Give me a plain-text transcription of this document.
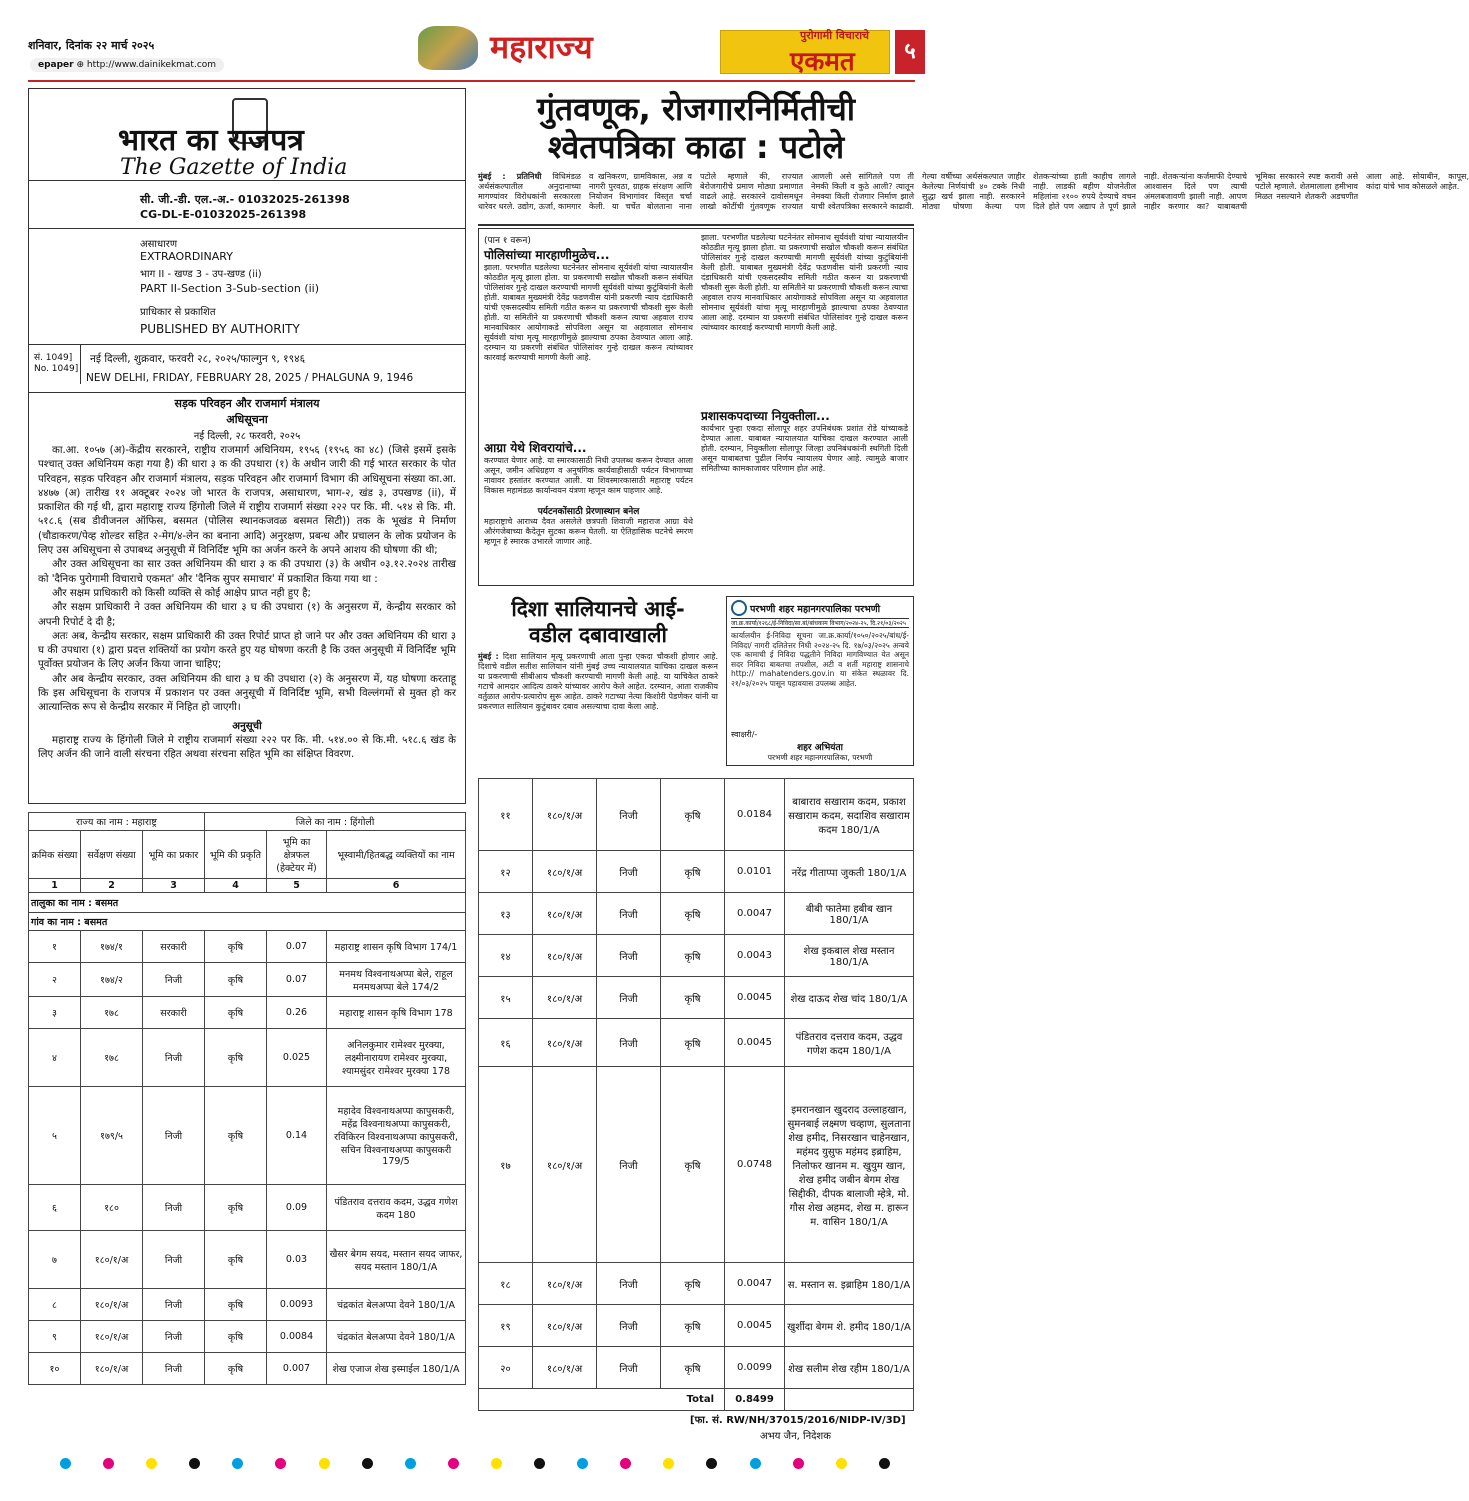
शनिवार, दिनांक २२ मार्च २०२५
epaper ⊕ http://www.dainikekmat.com	महाराज्य	पुरोगामी विचाराचे
एकमत	५
भारत का राजपत्र
The Gazette of India
सी. जी.-डी. एल.-अ.- 01032025-261398
CG-DL-E-01032025-261398
असाधारण
EXTRAORDINARY
भाग II - खण्ड 3 - उप-खण्ड (ii)
PART II-Section 3-Sub-section (ii)
प्राधिकार से प्रकाशित
PUBLISHED BY AUTHORITY
सं. 1049]
No. 1049]
नई दिल्ली, शुक्रवार, फरवरी २८, २०२५/फाल्गुन ९, १९४६
NEW DELHI, FRIDAY, FEBRUARY 28, 2025 / PHALGUNA 9, 1946
सड़क परिवहन और राजमार्ग मंत्रालय
अधिसूचना
नई दिल्ली, २८ फरवरी, २०२५

का.आ. १०५७ (अ)-केंद्रीय सरकारने, राष्ट्रीय राजमार्ग अधिनियम, १९५६ (१९५६ का ४८) (जिसे इसमें इसके पश्चात् उक्त अधिनियम कहा गया है) की धारा ३ क की उपधारा (१) के अधीन जारी की गई भारत सरकार के पोत परिवहन, सड़क परिवहन और राजमार्ग मंत्रालय, सड़क परिवहन और राजमार्ग विभाग की अधिसूचना संख्या का.आ. ४४७७ (अ) तारीख ११ अक्टूबर २०२४ जो भारत के राजपत्र, असाधारण, भाग-२, खंड ३, उपखण्ड (ii), में प्रकाशित की गई थी, द्वारा महाराष्ट्र राज्य हिंगोली जिले में राष्ट्रीय राजमार्ग संख्या २२२ पर कि. मी. ५१४ से कि. मी. ५१८.६ (सब डीवीजनल ऑफिस, बसमत (पोलिस स्थानकजवळ बसमत सिटी)) तक के भूखंड मे निर्माण (चौडाकरण/पेव्ह शोल्डर सहित २-मेग/४-लेन का बनाना आदि) अनुरक्षण, प्रबन्ध और प्रचालन के लोक प्रयोजन के लिए उस अधिसूचना से उपाबध्द अनुसूची में विनिर्दिष्ट भूमि का अर्जन करने के अपने आशय की घोषणा की थी;

और उक्त अधिसूचना का सार उक्त अधिनियम की धारा ३ क की उपधारा (३) के अधीन ०३.१२.२०२४ तारीख को 'दैनिक पुरोगामी विचाराचे एकमत' और 'दैनिक सुपर समाचार' में प्रकाशित किया गया था :

और सक्षम प्राधिकारी को किसी व्यक्ति से कोई आक्षेप प्राप्त नही हुए है;

और सक्षम प्राधिकारी ने उक्त अधिनियम की धारा ३ घ की उपधारा (१) के अनुसरण में, केन्द्रीय सरकार को अपनी रिपोर्ट दे दी है;

अतः अब, केन्द्रीय सरकार, सक्षम प्राधिकारी की उक्त रिपोर्ट प्राप्त हो जाने पर और उक्त अधिनियम की धारा ३ घ की उपधारा (१) द्वारा प्रदत्त शक्तियों का प्रयोग करते हुए यह घोषणा करती है कि उक्त अनुसूची में विनिर्दिष्ट भूमि पूर्वोक्त प्रयोजन के लिए अर्जन किया जाना चाहिए;

और अब केन्द्रीय सरकार, उक्त अधिनियम की धारा ३ घ की उपधारा (२) के अनुसरण में, यह घोषणा करताहू कि इस अधिसूचना के राजपत्र में प्रकाशन पर उक्त अनुसूची में विनिर्दिष्ट भूमि, सभी विल्लंगमों से मुक्त हो कर आत्यान्तिक रूप से केन्द्रीय सरकार में निहित हो जाएगी।

अनुसूची

महाराष्ट्र राज्य के हिंगोली जिले मे राष्ट्रीय राजमार्ग संख्या २२२ पर कि. मी. ५१४.०० से कि.मी. ५१८.६ खंड के लिए अर्जन की जाने वाली संरचना रहित अथवा संरचना सहित भूमि का संक्षिप्त विवरण.

राज्य का नाम : महाराष्ट्र			जिले का नाम : हिंगोली		
क्रमिक संख्या	सर्वेक्षण संख्या	भूमि का प्रकार	भूमि की प्रकृति	भूमि का क्षेत्रफल (हेक्टेयर में)	भूस्वामी/हितबद्ध व्यक्तियों का नाम
1	2	3	4	5	6
तालुका का नाम : बसमत					
गांव का नाम : बसमत					
१	१७४/१	सरकारी	कृषि	0.07	महाराष्ट्र शासन कृषि विभाग 174/1
२	१७४/२	निजी	कृषि	0.07	मनमथ विश्वनाथअप्पा बेले, राहूल मनमथअप्पा बेले 174/2
३	१७८	सरकारी	कृषि	0.26	महाराष्ट्र शासन कृषि विभाग 178
४	१७८	निजी	कृषि	0.025	अनिलकुमार रामेश्वर मुरक्या, लक्ष्मीनारायण रामेश्वर मुरक्या, श्यामसुंदर रामेश्वर मुरक्या 178
५	१७९/५	निजी	कृषि	0.14	महादेव विश्वनाथअप्पा कापुसकरी, महेंद्र विश्वनाथअप्पा कापुसकरी, रविकिरन विश्वनाथअप्पा कापुसकरी, सचिन विश्वनाथअप्पा कापुसकरी 179/5
६	१८०	निजी	कृषि	0.09	पंडितराव दत्तराव कदम, उद्धव गणेश कदम 180
७	१८०/१/अ	निजी	कृषि	0.03	खैसर बेगम सयद, मस्तान सयद जाफर, सयद मस्तान 180/1/A
८	१८०/१/अ	निजी	कृषि	0.0093	चंद्रकांत बेलअप्पा देवने 180/1/A
९	१८०/१/अ	निजी	कृषि	0.0084	चंद्रकांत बेलअप्पा देवने 180/1/A
१०	१८०/१/अ	निजी	कृषि	0.007	शेख एजाज शेख इस्माईल 180/1/A
गुंतवणूक, रोजगारनिर्मितीची
श्वेतपत्रिका काढा : पटोले
मुंबई : प्रतिनिधी विधिमंडळ अर्थसंकल्पातील अनुदानाच्या मागण्यांवर विरोधकांनी सरकारला धारेवर धरले. उद्योग, ऊर्जा, कामगार व खनिकरण, ग्रामविकास, अन्न व नागरी पुरवठा, ग्राहक संरक्षण आणि नियोजन विभागांवर विस्तृत चर्चा केली. या चर्चेत बोलताना नाना पटोले म्हणाले की, राज्यात बेरोजगारीचे प्रमाण मोठ्या प्रमाणात वाढले आहे. सरकारने दावोसमधून लाखो कोटींची गुंतवणूक राज्यात आणली असे सांगितले पण ती नेमकी किती व कुठे आली? त्यातून नेमक्या किती रोजगार निर्माण झाले याची श्वेतपत्रिका सरकारने काढावी. गेल्या वर्षीच्या अर्थसंकल्पात जाहीर केलेल्या निर्णयांची ४० टक्के निधी सुद्धा खर्च झाला नाही. सरकारने मोठ्या घोषणा केल्या पण शेतकऱ्यांच्या हाती काहीच लागले नाही. लाडकी बहीण योजनेतील महिलांना २१०० रुपये देण्याचे वचन दिले होते पण अद्याप ते पूर्ण झाले नाही. शेतकऱ्यांना कर्जमाफी देण्याचे आश्वासन दिले पण त्याची अंमलबजावणी झाली नाही. आपण नाहीर करणार का? याबाबतची भूमिका सरकारने स्पष्ट करावी असे पटोले म्हणाले. शेतमालाला हमीभाव मिळत नसल्याने शेतकरी अडचणीत आला आहे. सोयाबीन, कापूस, कांदा यांचे भाव कोसळले आहेत.
(पान १ वरून)
पोलिसांच्या मारहाणीमुळेच...
झाला. परभणीत घडलेल्या घटनेनंतर सोमनाथ सूर्यवंशी यांचा न्यायालयीन कोठडीत मृत्यू झाला होता. या प्रकरणाची सखोल चौकशी करून संबंधित पोलिसांवर गुन्हे दाखल करण्याची मागणी सूर्यवंशी यांच्या कुटुंबियांनी केली होती. याबाबत मुख्यमंत्री देवेंद्र फडणवीस यांनी प्रकरणी न्याय दंडाधिकारी यांची एकसदस्यीय समिती गठीत करून या प्रकरणाची चौकशी सुरू केली होती. या समितीने या प्रकरणाची चौकशी करून त्याचा अहवाल राज्य मानवाधिकार आयोगाकडे सोपविला असून या अहवालात सोमनाथ सूर्यवंशी यांचा मृत्यू मारहाणीमुळे झाल्याचा ठपका ठेवण्यात आला आहे. दरम्यान या प्रकरणी संबंधित पोलिसांवर गुन्हे दाखल करून त्यांच्यावर कारवाई करण्याची मागणी केली आहे.
आग्रा येथे शिवरायांचे...
करण्यात येणार आहे. या स्मारकासाठी निधी उपलब्ध करून देण्यात आला असून, जमीन अधिग्रहण व अनुषंगिक कार्यवाहीसाठी पर्यटन विभागाच्या नावावर हस्तांतर करण्यात आली. या शिवस्मारकासाठी महाराष्ट्र पर्यटन विकास महामंडळ कार्यान्वयन यंत्रणा म्हणून काम पाहणार आहे.
पर्यटनकोंसाठी प्रेरणास्थान बनेल
महाराष्ट्राचे आराध्य दैवत असलेले छत्रपती शिवाजी महाराज आग्रा येथे औरंगजेबाच्या कैदेतून सुटका करून घेतली. या ऐतिहासिक घटनेचे स्मरण म्हणून हे स्मारक उभारले जाणार आहे.
झाला. परभणीत घडलेल्या घटनेनंतर सोमनाथ सूर्यवंशी यांचा न्यायालयीन कोठडीत मृत्यू झाला होता. या प्रकरणाची सखोल चौकशी करून संबंधित पोलिसांवर गुन्हे दाखल करण्याची मागणी सूर्यवंशी यांच्या कुटुंबियांनी केली होती. याबाबत मुख्यमंत्री देवेंद्र फडणवीस यांनी प्रकरणी न्याय दंडाधिकारी यांची एकसदस्यीय समिती गठीत करून या प्रकरणाची चौकशी सुरू केली होती. या समितीने या प्रकरणाची चौकशी करून त्याचा अहवाल राज्य मानवाधिकार आयोगाकडे सोपविला असून या अहवालात सोमनाथ सूर्यवंशी यांचा मृत्यू मारहाणीमुळे झाल्याचा ठपका ठेवण्यात आला आहे. दरम्यान या प्रकरणी संबंधित पोलिसांवर गुन्हे दाखल करून त्यांच्यावर कारवाई करण्याची मागणी केली आहे.
प्रशासकपदाच्या नियुक्तीला...
कार्यभार पुन्हा एकदा सोलापूर शहर उपनिबंधक प्रशांत रोडे यांच्याकडे देण्यात आला. याबाबत न्यायालयात याचिका दाखल करण्यात आली होती. दरम्यान, नियुक्तीला सोलापूर जिल्हा उपनिबंधकांनी स्थगिती दिली असून याबाबतचा पुढील निर्णय न्यायालय घेणार आहे. त्यामुळे बाजार समितीच्या कामकाजावर परिणाम होत आहे.
दिशा सालियानचे आई-
वडील दबावाखाली
मुंबई : दिशा सालियान मृत्यू प्रकरणाची आता पुन्हा एकदा चौकशी होणार आहे. दिशाचे वडील सतीश सालियान यांनी मुंबई उच्च न्यायालयात याचिका दाखल करून या प्रकरणाची सीबीआय चौकशी करण्याची मागणी केली आहे. या याचिकेत ठाकरे गटाचे आमदार आदित्य ठाकरे यांच्यावर आरोप केले आहेत. दरम्यान, आता राजकीय वर्तुळात आरोप-प्रत्यारोप सुरू आहेत. ठाकरे गटाच्या नेत्या किशोरी पेडणेकर यांनी या प्रकरणात सालियान कुटुंबावर दबाव असल्याचा दावा केला आहे.
परभणी शहर महानगरपालिका परभणी
जा.क्र.कार्या/१२६८/ई-निविदा/सा.बां/बांधकाम विभाग/२०२४-२५, दि.२१/०३/२०२५
कार्यालयीन ई-निविदा सूचना जा.क्र.कार्या/१०५०/२०२५/बांध/ई-निविदा/ नागरी दलितेत्तर निधी २०२४-२५ दि. १७/०३/२०२५ अन्वये एक कामाची ई निविदा पद्धतीने निविदा मागविण्यात येत असून सदर निविदा बाबतचा तपशील, अटी व शर्ती महाराष्ट्र शासनाचे http:// mahatenders.gov.in या संकेत स्थळावर दि. २१/०३/२०२५ पासून पहावयास उपलब्ध आहेत.
स्वाक्षरी/-
शहर अभियंता
परभणी शहर महानगरपालिका, परभणी
११	१८०/१/अ	निजी	कृषि	0.0184	बाबाराव सखाराम कदम, प्रकाश सखाराम कदम, सदाशिव सखाराम कदम 180/1/A
१२	१८०/१/अ	निजी	कृषि	0.0101	नरेंद्र गीताप्पा जुकती 180/1/A
१३	१८०/१/अ	निजी	कृषि	0.0047	बीबी फातेमा हबीब खान 180/1/A
१४	१८०/१/अ	निजी	कृषि	0.0043	शेख इकबाल शेख मस्तान 180/1/A
१५	१८०/१/अ	निजी	कृषि	0.0045	शेख दाऊद शेख चांद 180/1/A
१६	१८०/१/अ	निजी	कृषि	0.0045	पंडितराव दत्तराव कदम, उद्धव गणेश कदम 180/1/A
१७	१८०/१/अ	निजी	कृषि	0.0748	इमरानखान खुदराद उल्लाहखान, सुमनबाई लक्ष्मण चव्हाण, सुलताना शेख हमीद, निसरखान चाहेनखान, महंमद युसुफ महंमद इब्राहिम, निलोफर खानम म. खुयुम खान, शेख हमीद जबीन बेगम शेख सिद्दीकी, दीपक बालाजी म्हेत्रे, मो. गौस शेख अहमद, शेख म. हारून म. वासिन 180/1/A
१८	१८०/१/अ	निजी	कृषि	0.0047	स. मस्तान स. इब्राहिम 180/1/A
१९	१८०/१/अ	निजी	कृषि	0.0045	खुर्शीदा बेगम शे. हमीद 180/1/A
२०	१८०/१/अ	निजी	कृषि	0.0099	शेख सलीम शेख रहीम 180/1/A
Total				0.8499	
[फा. सं. RW/NH/37015/2016/NIDP-IV/3D]
अभय जैन, निदेशक
